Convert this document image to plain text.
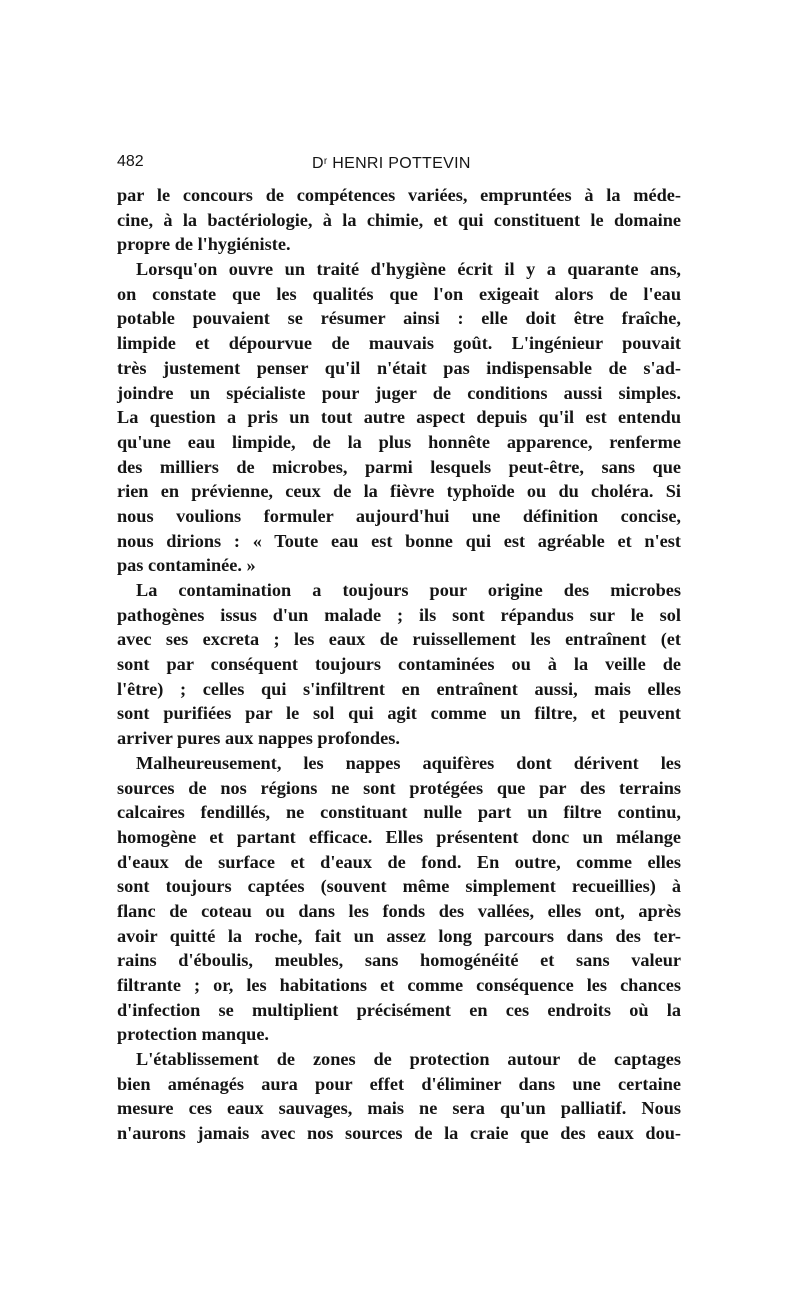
482	$D^r$ HENRI POTTEVIN
par le concours de compétences variées, empruntées à la méde-
cine, à la bactériologie, à la chimie, et qui constituent le domaine
propre de l'hygiéniste.
Lorsqu'on ouvre un traité d'hygiène écrit il y a quarante ans,
on constate que les qualités que l'on exigeait alors de l'eau
potable pouvaient se résumer ainsi : elle doit être fraîche,
limpide et dépourvue de mauvais goût. L'ingénieur pouvait
très justement penser qu'il n'était pas indispensable de s'ad-
joindre un spécialiste pour juger de conditions aussi simples.
La question a pris un tout autre aspect depuis qu'il est entendu
qu'une eau limpide, de la plus honnête apparence, renferme
des milliers de microbes, parmi lesquels peut-être, sans que
rien en prévienne, ceux de la fièvre typhoïde ou du choléra. Si
nous voulions formuler aujourd'hui une définition concise,
nous dirions : « Toute eau est bonne qui est agréable et n'est
pas contaminée. »
La contamination a toujours pour origine des microbes
pathogènes issus d'un malade ; ils sont répandus sur le sol
avec ses excreta ; les eaux de ruissellement les entraînent (et
sont par conséquent toujours contaminées ou à la veille de
l'être) ; celles qui s'infiltrent en entraînent aussi, mais elles
sont purifiées par le sol qui agit comme un filtre, et peuvent
arriver pures aux nappes profondes.
Malheureusement, les nappes aquifères dont dérivent les
sources de nos régions ne sont protégées que par des terrains
calcaires fendillés, ne constituant nulle part un filtre continu,
homogène et partant efficace. Elles présentent donc un mélange
d'eaux de surface et d'eaux de fond. En outre, comme elles
sont toujours captées (souvent même simplement recueillies) à
flanc de coteau ou dans les fonds des vallées, elles ont, après
avoir quitté la roche, fait un assez long parcours dans des ter-
rains d'éboulis, meubles, sans homogénéité et sans valeur
filtrante ; or, les habitations et comme conséquence les chances
d'infection se multiplient précisément en ces endroits où la
protection manque.
L'établissement de zones de protection autour de captages
bien aménagés aura pour effet d'éliminer dans une certaine
mesure ces eaux sauvages, mais ne sera qu'un palliatif. Nous
n'aurons jamais avec nos sources de la craie que des eaux dou-
